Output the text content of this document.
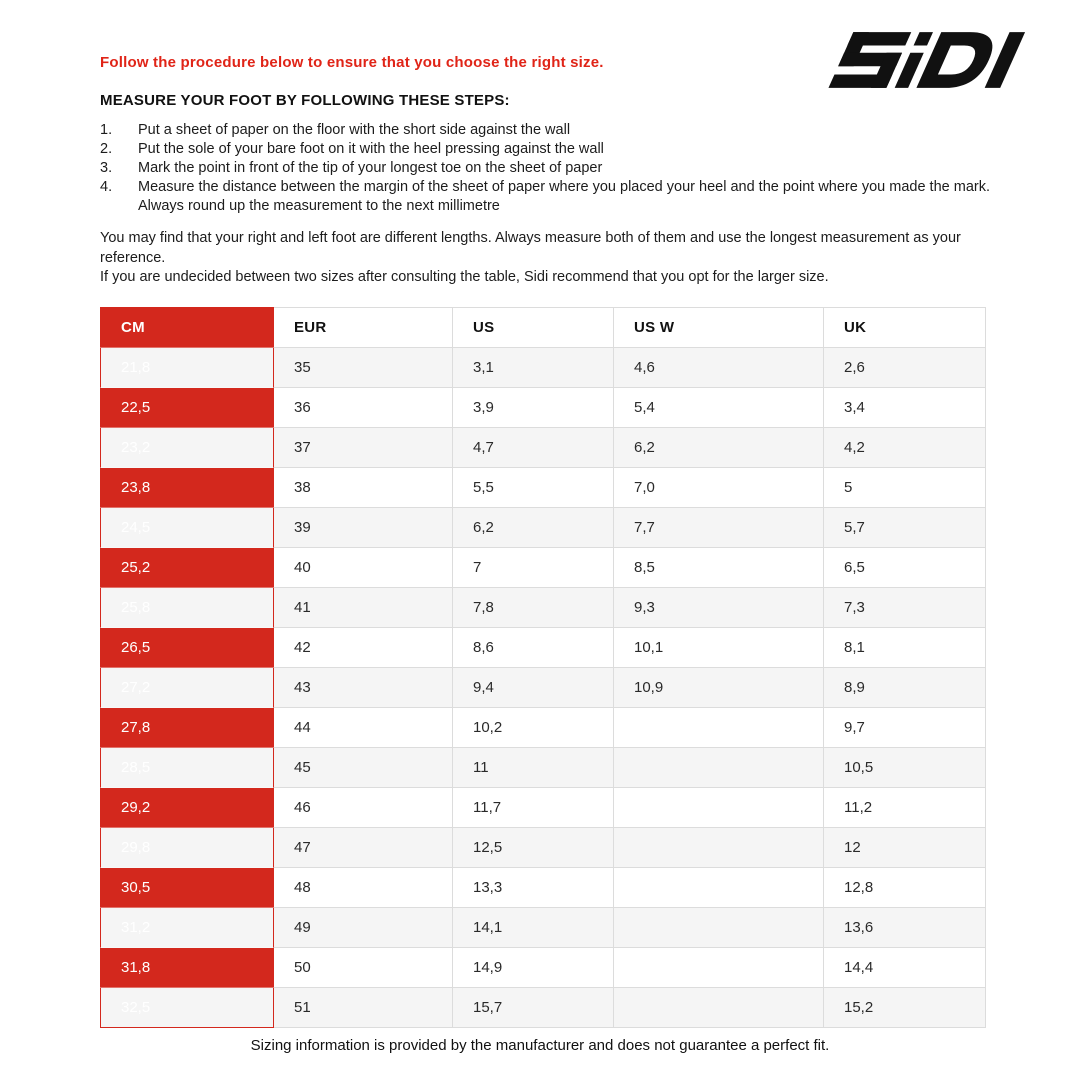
Follow the procedure below to ensure that you choose the right size.
MEASURE YOUR FOOT BY FOLLOWING THESE STEPS:
1.	Put a sheet of paper on the floor with the short side against the wall
2.	Put the sole of your bare foot on it with the heel pressing against the wall
3.	Mark the point in front of the tip of your longest toe on the sheet of paper
4.	Measure the distance between the margin of the sheet of paper where you placed your heel and the point where you made the mark. Always round up the measurement to the next millimetre

You may find that your right and left foot are different lengths. Always measure both of them and use the longest measurement as your reference.

If you are undecided between two sizes after consulting the table, Sidi recommend that you opt for the larger size.

CM	EUR	US	US W	UK
21,8	35	3,1	4,6	2,6
22,5	36	3,9	5,4	3,4
23,2	37	4,7	6,2	4,2
23,8	38	5,5	7,0	5
24,5	39	6,2	7,7	5,7
25,2	40	7	8,5	6,5
25,8	41	7,8	9,3	7,3
26,5	42	8,6	10,1	8,1
27,2	43	9,4	10,9	8,9
27,8	44	10,2		9,7
28,5	45	11		10,5
29,2	46	11,7		11,2
29,8	47	12,5		12
30,5	48	13,3		12,8
31,2	49	14,1		13,6
31,8	50	14,9		14,4
32,5	51	15,7		15,2
Sizing information is provided by the manufacturer and does not guarantee a perfect fit.
